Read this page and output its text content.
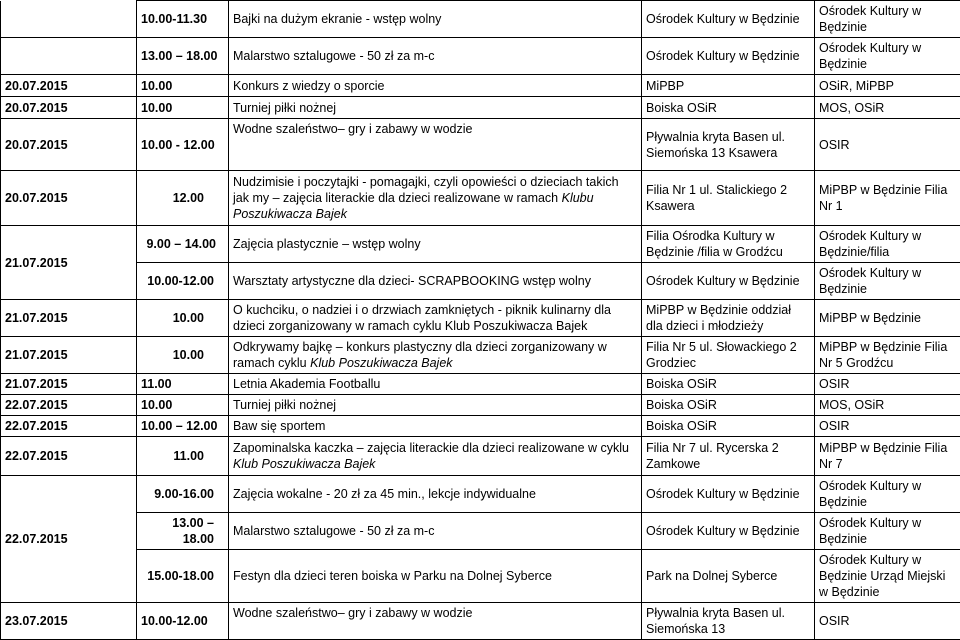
	10.00-11.30	Bajki na dużym ekranie - wstęp wolny	Ośrodek Kultury w Będzinie	Ośrodek Kultury w Będzinie
	13.00 – 18.00	Malarstwo sztalugowe - 50 zł za m-c	Ośrodek Kultury w Będzinie	Ośrodek Kultury w Będzinie
20.07.2015	10.00	Konkurs z wiedzy o sporcie	MiPBP	OSiR, MiPBP
20.07.2015	10.00	Turniej piłki nożnej	Boiska OSiR	MOS, OSiR
20.07.2015	10.00 - 12.00	Wodne szaleństwo– gry i zabawy w wodzie	Pływalnia kryta Basen ul. Siemońska 13 Ksawera	OSIR
20.07.2015	12.00	Nudzimisie i poczytajki - pomagajki, czyli opowieści o dzieciach takich jak my – zajęcia literackie dla dzieci realizowane w ramach Klubu Poszukiwacza Bajek	Filia Nr 1 ul. Stalickiego 2 Ksawera	MiPBP w Będzinie Filia Nr 1
21.07.2015	9.00 – 14.00	Zajęcia plastycznie – wstęp wolny	Filia Ośrodka Kultury w Będzinie /filia w Grodźcu	Ośrodek Kultury w Będzinie/filia
	10.00-12.00	Warsztaty artystyczne dla dzieci- SCRAPBOOKING wstęp wolny	Ośrodek Kultury w Będzinie	Ośrodek Kultury w Będzinie
21.07.2015	10.00	O kuchciku, o nadziei i o drzwiach zamkniętych - piknik kulinarny dla dzieci zorganizowany w ramach cyklu Klub Poszukiwacza Bajek	MiPBP w Będzinie oddział dla dzieci i młodzieży	MiPBP w Będzinie
21.07.2015	10.00	Odkrywamy bajkę – konkurs plastyczny dla dzieci zorganizowany w ramach cyklu Klub Poszukiwacza Bajek	Filia Nr 5 ul. Słowackiego 2 Grodziec	MiPBP w Będzinie Filia Nr 5 Grodźcu
21.07.2015	11.00	Letnia Akademia Footballu	Boiska OSiR	OSIR
22.07.2015	10.00	Turniej piłki nożnej	Boiska OSiR	MOS, OSiR
22.07.2015	10.00 – 12.00	Baw się sportem	Boiska OSiR	OSIR
22.07.2015	11.00	Zapominalska kaczka – zajęcia literackie dla dzieci realizowane w cyklu Klub Poszukiwacza Bajek	Filia Nr 7 ul. Rycerska 2 Zamkowe	MiPBP w Będzinie Filia Nr 7
22.07.2015	9.00-16.00	Zajęcia wokalne - 20 zł za 45 min., lekcje indywidualne	Ośrodek Kultury w Będzinie	Ośrodek Kultury w Będzinie
	13.00 – 18.00	Malarstwo sztalugowe - 50 zł za m-c	Ośrodek Kultury w Będzinie	Ośrodek Kultury w Będzinie
	15.00-18.00	Festyn dla dzieci teren boiska w Parku na Dolnej Syberce	Park na Dolnej Syberce	Ośrodek Kultury w Będzinie Urząd Miejski w Będzinie
23.07.2015	10.00-12.00	Wodne szaleństwo– gry i zabawy w wodzie	Pływalnia kryta Basen ul. Siemońska 13	OSIR
